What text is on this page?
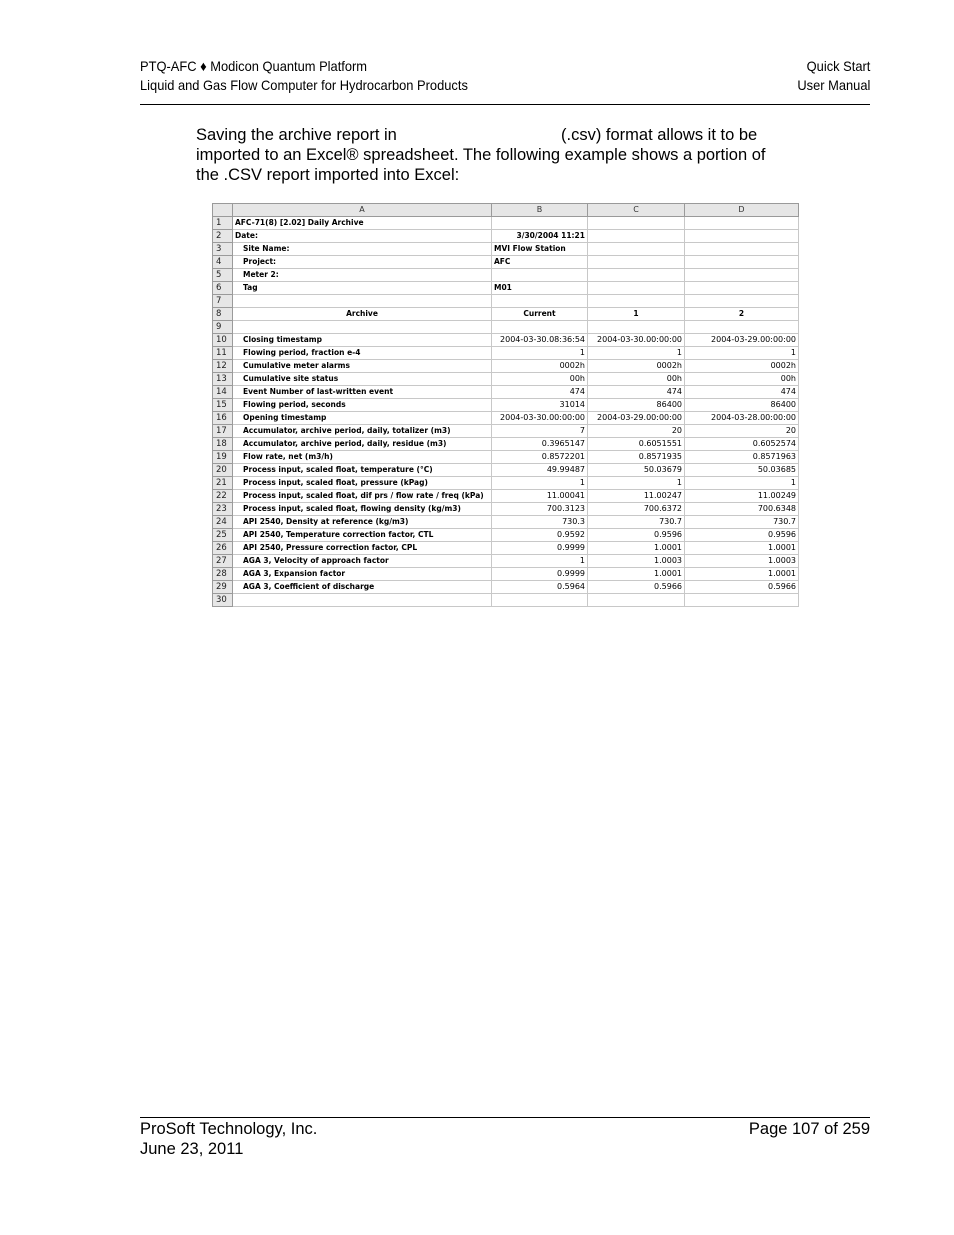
PTQ-AFC ♦ Modicon Quantum Platform
Liquid and Gas Flow Computer for Hydrocarbon Products
Quick Start
User Manual
Saving the archive report in	(.csv) format allows it to be
imported to an Excel® spreadsheet. The following example shows a portion of
the .CSV report imported into Excel:
	A	B	C	D
1	AFC-71(8) [2.02] Daily Archive			
2	Date:	3/30/2004 11:21		
3	Site Name:	MVI Flow Station		
4	Project:	AFC		
5	Meter 2:			
6	Tag	M01		
7				
8	Archive	Current	1	2
9				
10	Closing timestamp	2004-03-30.08:36:54	2004-03-30.00:00:00	2004-03-29.00:00:00
11	Flowing period, fraction e-4	1	1	1
12	Cumulative meter alarms	0002h	0002h	0002h
13	Cumulative site status	00h	00h	00h
14	Event Number of last-written event	474	474	474
15	Flowing period, seconds	31014	86400	86400
16	Opening timestamp	2004-03-30.00:00:00	2004-03-29.00:00:00	2004-03-28.00:00:00
17	Accumulator, archive period, daily, totalizer (m3)	7	20	20
18	Accumulator, archive period, daily, residue (m3)	0.3965147	0.6051551	0.6052574
19	Flow rate, net (m3/h)	0.8572201	0.8571935	0.8571963
20	Process input, scaled float, temperature (°C)	49.99487	50.03679	50.03685
21	Process input, scaled float, pressure (kPag)	1	1	1
22	Process input, scaled float, dif prs / flow rate / freq (kPa)	11.00041	11.00247	11.00249
23	Process input, scaled float, flowing density (kg/m3)	700.3123	700.6372	700.6348
24	API 2540, Density at reference (kg/m3)	730.3	730.7	730.7
25	API 2540, Temperature correction factor, CTL	0.9592	0.9596	0.9596
26	API 2540, Pressure correction factor, CPL	0.9999	1.0001	1.0001
27	AGA 3, Velocity of approach factor	1	1.0003	1.0003
28	AGA 3, Expansion factor	0.9999	1.0001	1.0001
29	AGA 3, Coefficient of discharge	0.5964	0.5966	0.5966
30				
ProSoft Technology, Inc.
June 23, 2011
Page 107 of 259
